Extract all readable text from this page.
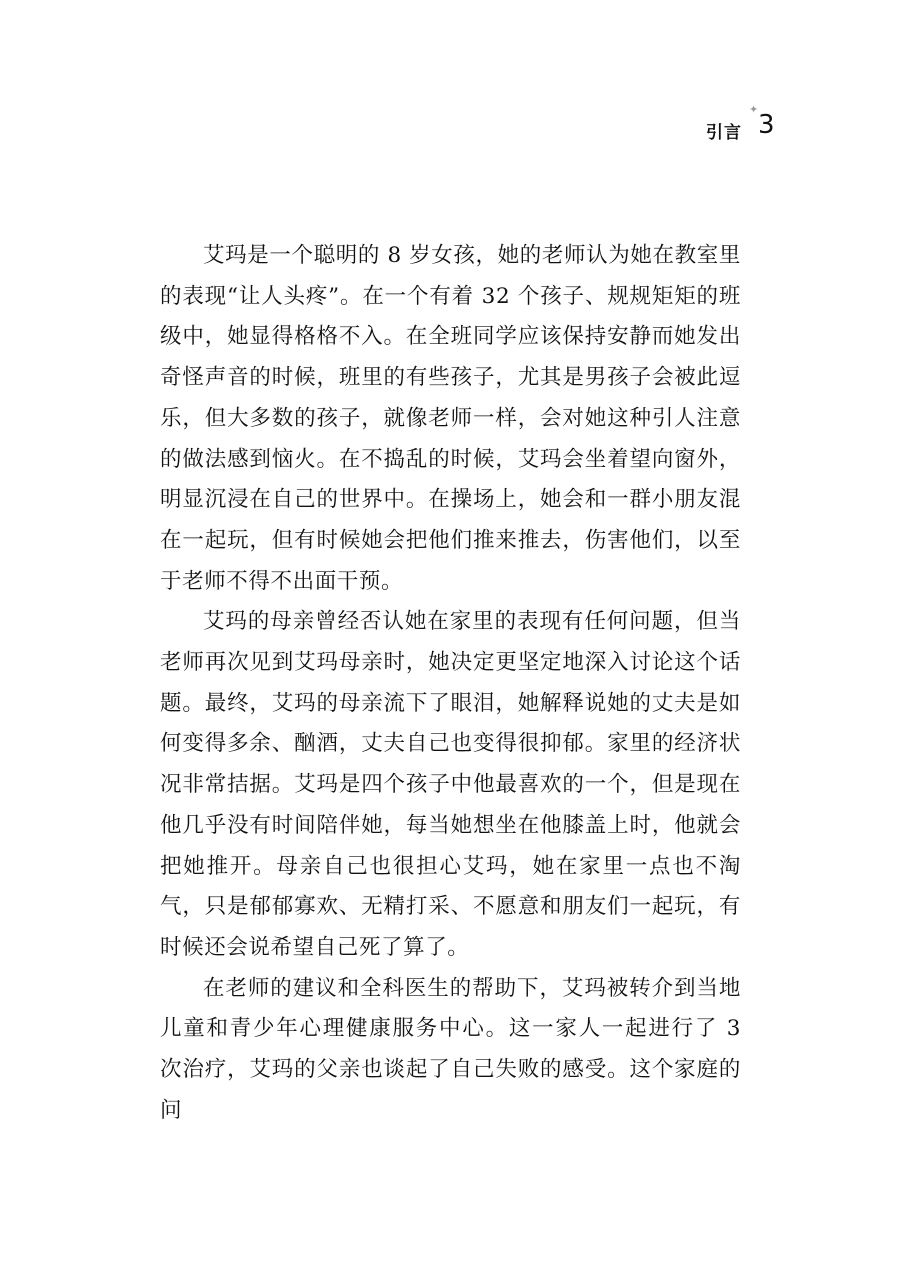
引言
✦
3

艾玛是一个聪明的 8 岁女孩，她的老师认为她在教室里的表现“让人头疼”。在一个有着 32 个孩子、规规矩矩的班级中，她显得格格不入。在全班同学应该保持安静而她发出奇怪声音的时候，班里的有些孩子，尤其是男孩子会被此逗乐，但大多数的孩子，就像老师一样，会对她这种引人注意的做法感到恼火。在不捣乱的时候，艾玛会坐着望向窗外，明显沉浸在自己的世界中。在操场上，她会和一群小朋友混在一起玩，但有时候她会把他们推来推去，伤害他们，以至于老师不得不出面干预。

艾玛的母亲曾经否认她在家里的表现有任何问题，但当老师再次见到艾玛母亲时，她决定更坚定地深入讨论这个话题。最终，艾玛的母亲流下了眼泪，她解释说她的丈夫是如何变得多余、酗酒，丈夫自己也变得很抑郁。家里的经济状况非常拮据。艾玛是四个孩子中他最喜欢的一个，但是现在他几乎没有时间陪伴她，每当她想坐在他膝盖上时，他就会把她推开。母亲自己也很担心艾玛，她在家里一点也不淘气，只是郁郁寡欢、无精打采、不愿意和朋友们一起玩，有时候还会说希望自己死了算了。

在老师的建议和全科医生的帮助下，艾玛被转介到当地儿童和青少年心理健康服务中心。这一家人一起进行了 3 次治疗，艾玛的父亲也谈起了自己失败的感受。这个家庭的问
